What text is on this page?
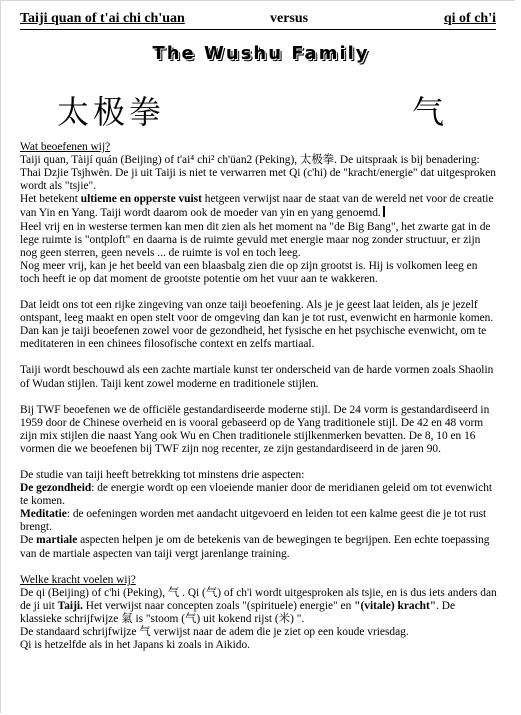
Taiji quan of t'ai chi ch'uan	versus	qi of ch'i
The Wushu Family
太极拳	气

Wat beoefenen wij?

Taiji quan, Tàijí quán (Beijing) of t'ai⁴ chi² ch'üan2 (Peking), 太极拳. De uitspraak is bij benadering: Thai Dzjie Tsjhwèn. De ji uit Taiji is niet te verwarren met Qi (c'hi) de "kracht/energie" dat uitgesproken wordt als "tsjie".

Het betekent ultieme en opperste vuist hetgeen verwijst naar de staat van de wereld net voor de creatie van Yin en Yang. Taiji wordt daarom ook de moeder van yin en yang genoemd.

Heel vrij en in westerse termen kan men dit zien als het moment na "de Big Bang", het zwarte gat in de lege ruimte is "ontploft" en daarna is de ruimte gevuld met energie maar nog zonder structuur, er zijn nog geen sterren, geen nevels ... de ruimte is vol en toch leeg.

Nog meer vrij, kan je het beeld van een blaasbalg zien die op zijn grootst is. Hij is volkomen leeg en toch heeft ie op dat moment de grootste potentie om het vuur aan te wakkeren.

Dat leidt ons tot een rijke zingeving van onze taiji beoefening. Als je je geest laat leiden, als je jezelf ontspant, leeg maakt en open stelt voor de omgeving dan kan je tot rust, evenwicht en harmonie komen. Dan kan je taiji beoefenen zowel voor de gezondheid, het fysische en het psychische evenwicht, om te meditateren in een chinees filosofische context en zelfs martiaal.

Taiji wordt beschouwd als een zachte martiale kunst ter onderscheid van de harde vormen zoals Shaolin of Wudan stijlen. Taiji kent zowel moderne en traditionele stijlen.

Bij TWF beoefenen we de officiële gestandardiseerde moderne stijl. De 24 vorm is gestandardiseerd in 1959 door de Chinese overheid en is vooral gebaseerd op de Yang traditionele stijl. De 42 en 48 vorm zijn mix stijlen die naast Yang ook Wu en Chen traditionele stijlkenmerken bevatten. De 8, 10 en 16 vormen die we beoefenen bij TWF zijn nog recenter, ze zijn gestandardiseerd in de jaren 90.

De studie van taiji heeft betrekking tot minstens drie aspecten:

De gezondheid: de energie wordt op een vloeiende manier door de meridianen geleid om tot evenwicht te komen.

Meditatie: de oefeningen worden met aandacht uitgevoerd en leiden tot een kalme geest die je tot rust brengt.

De martiale aspecten helpen je om de betekenis van de bewegingen te begrijpen. Een echte toepassing van de martiale aspecten van taiji vergt jarenlange training.

Welke kracht voelen wij?

De qi (Beijing) of c'hi (Peking), 气 . Qi (气) of ch'i wordt uitgesproken als tsjie, en is dus iets anders dan de ji uit Taiji. Het verwijst naar concepten zoals "(spirituele) energie" en "(vitale) kracht". De klassieke schrijfwijze 氣 is "stoom (气) uit kokend rijst (米) ".

De standaard schrijfwijze 气 verwijst naar de adem die je ziet op een koude vriesdag.

Qi is hetzelfde als in het Japans ki zoals in Aikido.
